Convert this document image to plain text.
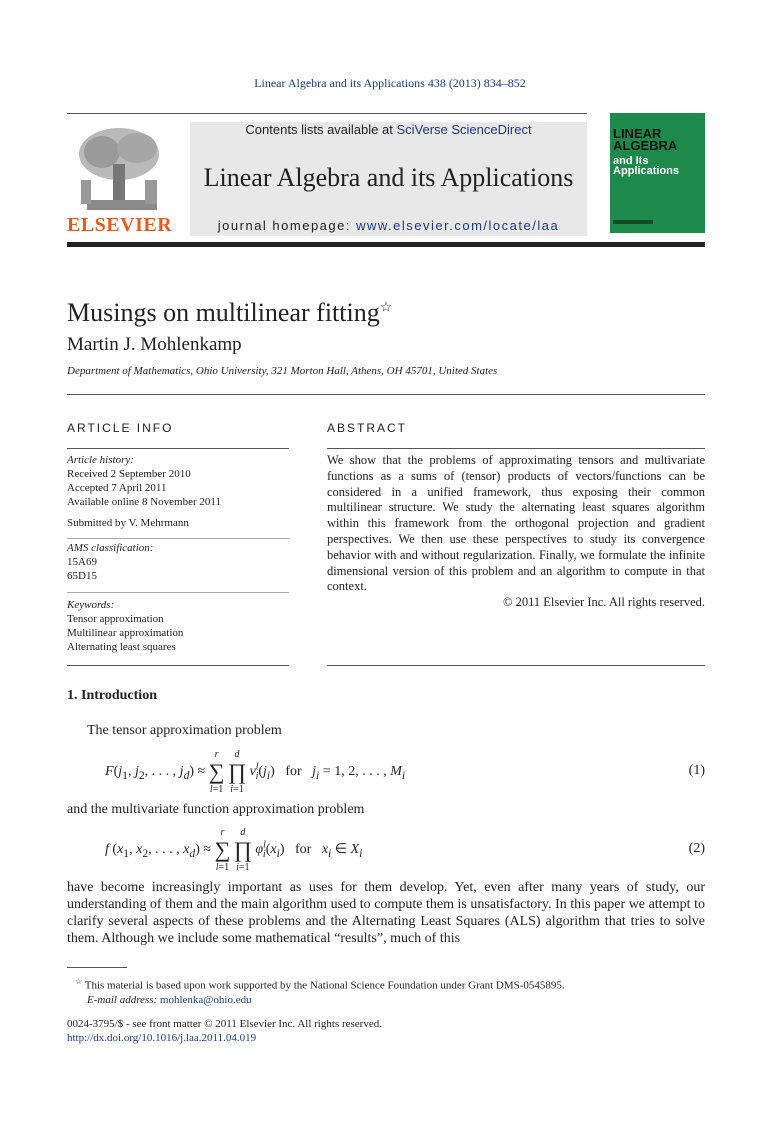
Linear Algebra and its Applications 438 (2013) 834–852
ELSEVIER
Contents lists available at SciVerse ScienceDirect
Linear Algebra and its Applications
journal homepage: www.elsevier.com/locate/laa
LINEAR ALGEBRA
and Its Applications
Musings on multilinear fitting☆
Martin J. Mohlenkamp
Department of Mathematics, Ohio University, 321 Morton Hall, Athens, OH 45701, United States
ARTICLE INFO
Article history:
Received 2 September 2010
Accepted 7 April 2011
Available online 8 November 2011
Submitted by V. Mehrmann
AMS classification:
15A69
65D15
Keywords:
Tensor approximation
Multilinear approximation
Alternating least squares
ABSTRACT
We show that the problems of approximating tensors and multivariate functions as a sums of (tensor) products of vectors/functions can be considered in a unified framework, thus exposing their common multilinear structure. We study the alternating least squares algorithm within this framework from the orthogonal projection and gradient perspectives. We then use these perspectives to study its convergence behavior with and without regularization. Finally, we formulate the infinite dimensional version of this problem and an algorithm to compute in that context.
© 2011 Elsevier Inc. All rights reserved.
1. Introduction
The tensor approximation problem
$F(j_1$, $j_2$, . . . , $j_d) \approx r$
∑
l=1 d
∏
i=1 $v^l_i(j_i)$   for   $j_i = 1$, 2, . . . , $M_i$	(1)
and the multivariate function approximation problem
f ($x_1$, $x_2$, . . . , $x_d) \approx r$
∑
l=1 d
∏
i=1 $\varphi^l_i(x_i)$   for   $x_i$ ∈ $X_i$	(2)
have become increasingly important as uses for them develop. Yet, even after many years of study, our understanding of them and the main algorithm used to compute them is unsatisfactory. In this paper we attempt to clarify several aspects of these problems and the Alternating Least Squares (ALS) algorithm that tries to solve them. Although we include some mathematical “results”, much of this
☆ This material is based upon work supported by the National Science Foundation under Grant DMS-0545895.
E-mail address: mohlenka@ohio.edu
0024-3795/$ - see front matter © 2011 Elsevier Inc. All rights reserved.
http://dx.doi.org/10.1016/j.laa.2011.04.019
